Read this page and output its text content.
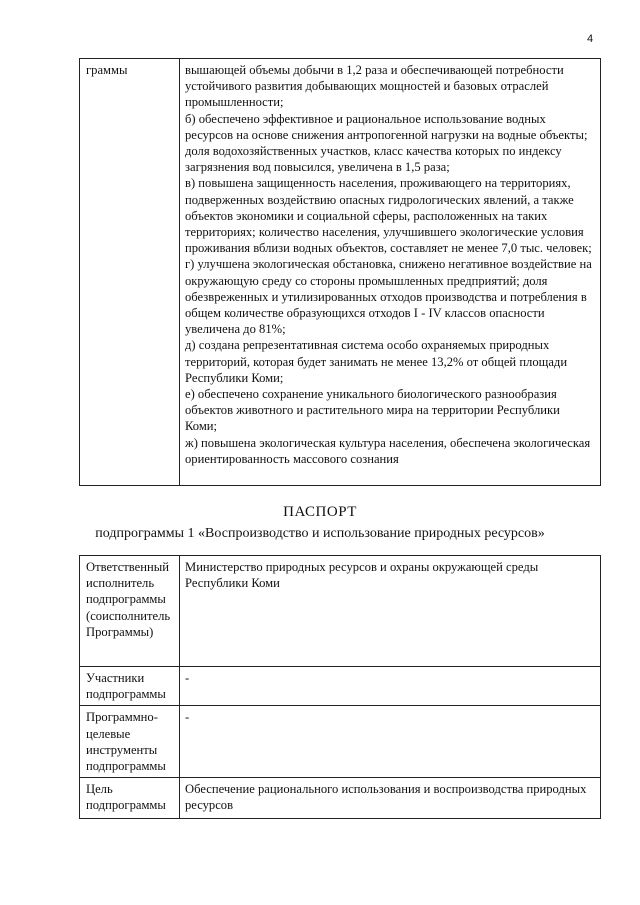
4
граммы	вышающей объемы добычи в 1,2 раза и обеспечивающей потребности устойчивого развития добывающих мощностей и базовых отраслей промышленности;
б) обеспечено эффективное и рациональное использование водных ресурсов на основе снижения антропогенной нагрузки на водные объекты; доля водохозяйственных участков, класс качества которых по индексу загрязнения вод повысился, увеличена в 1,5 раза;
в) повышена защищенность населения, проживающего на территориях, подверженных воздействию опасных гидрологических явлений, а также объектов экономики и социальной сферы, расположенных на таких территориях; количество населения, улучшившего экологические условия проживания вблизи водных объектов, составляет не менее 7,0 тыс. человек;
г) улучшена экологическая обстановка, снижено негативное воздействие на окружающую среду со стороны промышленных предприятий; доля обезвреженных и утилизированных отходов производства и потребления в общем количестве образующихся отходов I - IV классов опасности увеличена до 81%;
д) создана репрезентативная система особо охраняемых природных территорий, которая будет занимать не менее 13,2% от общей площади Республики Коми;
е) обеспечено сохранение уникального биологического разнообразия объектов животного и растительного мира на территории Республики Коми;
ж) повышена экологическая культура населения, обеспечена экологическая ориентированность массового сознания
ПАСПОРТ
подпрограммы 1 «Воспроизводство и использование природных ресурсов»
Ответственный исполнитель подпрограммы (соисполнитель Программы)	Министерство природных ресурсов и охраны окружающей среды Республики Коми
Участники подпрограммы	-
Программно-целевые инструменты подпрограммы	-
Цель подпрограммы	Обеспечение рационального использования и воспроизводства природных ресурсов
